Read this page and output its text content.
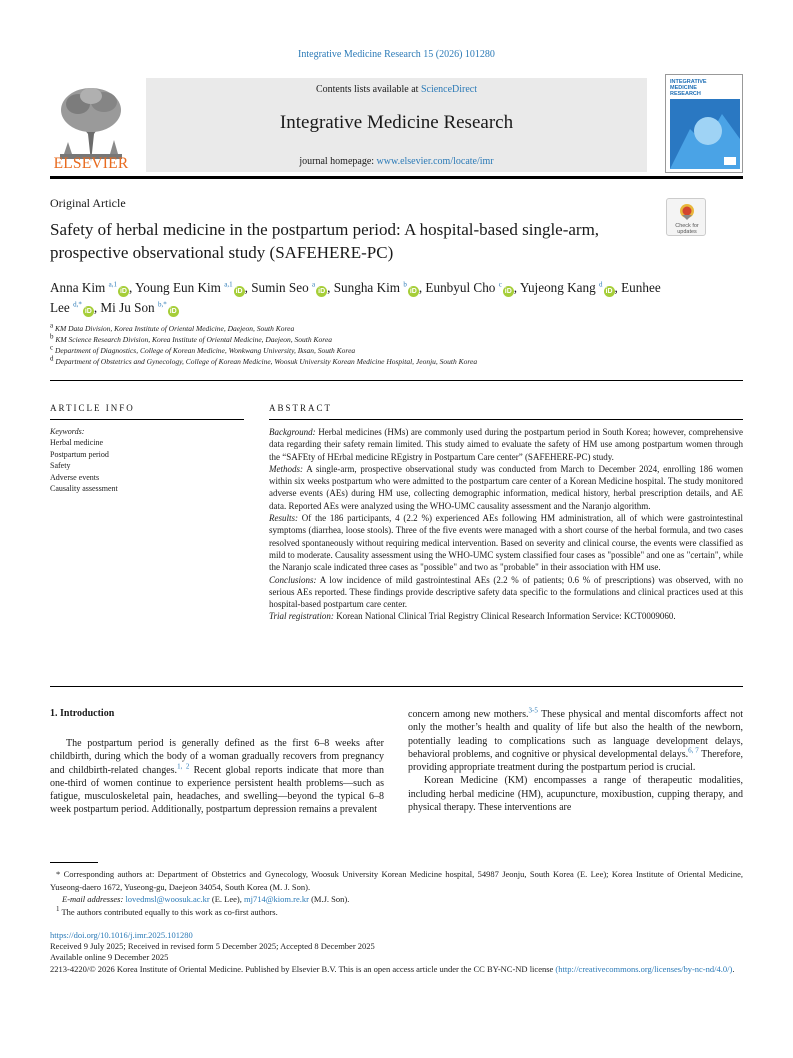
Integrative Medicine Research 15 (2026) 101280
ELSEVIER
Contents lists available at ScienceDirect
Integrative Medicine Research
journal homepage: www.elsevier.com/locate/imr
INTEGRATIVE
MEDICINE
RESEARCH
Original Article
Check for
updates
Safety of herbal medicine in the postpartum period: A hospital-based single-arm, prospective observational study (SAFEHERE-PC)
Anna Kim $^{a,1}$iD , Young Eun Kim $^{a,1}$iD , Sumin Seo $^a$iD , Sungha Kim $^b$iD , Eunbyul Cho $^c$iD , Yujeong Kang $^d$iD , Eunhee Lee $^{d,*}$iD , Mi Ju Son $^{b,*}$iD
a KM Data Division, Korea Institute of Oriental Medicine, Daejeon, South Korea
b KM Science Research Division, Korea Institute of Oriental Medicine, Daejeon, South Korea
c Department of Diagnostics, College of Korean Medicine, Wonkwang University, Iksan, South Korea
d Department of Obstetrics and Gynecology, College of Korean Medicine, Woosuk University Korean Medicine Hospital, Jeonju, South Korea
ARTICLE INFO	ABSTRACT
Keywords:
Herbal medicine
Postpartum period
Safety
Adverse events
Causality assessment

Background: Herbal medicines (HMs) are commonly used during the postpartum period in South Korea; however, comprehensive data regarding their safety remain limited. This study aimed to evaluate the safety of HM use among postpartum women through the “SAFEty of HErbal medicine REgistry in Postpartum Care center” (SAFEHERE-PC) study.

Methods: A single-arm, prospective observational study was conducted from March to December 2024, enrolling 186 women within six weeks postpartum who were admitted to the postpartum care center of a Korean Medicine hospital. The study monitored adverse events (AEs) during HM use, collecting demographic information, medical history, herbal prescription details, and AE data. Reported AEs were analyzed using the WHO-UMC causality assessment and the Naranjo algorithm.

Results: Of the 186 participants, 4 (2.2 %) experienced AEs following HM administration, all of which were gastrointestinal symptoms (diarrhea, loose stools). Three of the five events were managed with a short course of the herbal formula, and two cases resolved spontaneously without requiring medical intervention. Based on severity and clinical course, the events were classified as mild to moderate. Causality assessment using the WHO-UMC system classified four cases as "possible" and one as "certain", while the Naranjo scale indicated three cases as "possible" and two as "probable" in their association with HM use.

Conclusions: A low incidence of mild gastrointestinal AEs (2.2 % of patients; 0.6 % of prescriptions) was observed, with no serious AEs reported. These findings provide descriptive safety data specific to the formulations and clinical practices used at this hospital-based postpartum care center.

Trial registration: Korean National Clinical Trial Registry Clinical Research Information Service: KCT0009060.

1. Introduction
The postpartum period is generally defined as the first 6–8 weeks after childbirth, during which the body of a woman gradually recovers from pregnancy and childbirth-related changes.$^{1, 2}$ Recent global reports indicate that more than one-third of women continue to experience persistent health problems—such as fatigue, musculoskeletal pain, headaches, and swelling—beyond the typical 6–8 week postpartum period. Additionally, postpartum depression remains a prevalent

concern among new mothers.$^{3-5}$ These physical and mental discomforts affect not only the mother’s health and quality of life but also the health of the newborn, potentially leading to complications such as language development delays, behavioral problems, and cognitive or physical developmental delays.$^{6, 7}$ Therefore, providing appropriate treatment during the postpartum period is crucial.

Korean Medicine (KM) encompasses a range of therapeutic modalities, including herbal medicine (HM), acupuncture, moxibustion, cupping therapy, and physical therapy. These interventions are

* Corresponding authors at: Department of Obstetrics and Gynecology, Woosuk University Korean Medicine hospital, 54987 Jeonju, South Korea (E. Lee); Korea Institute of Oriental Medicine, Yuseong-daero 1672, Yuseong-gu, Daejeon 34054, South Korea (M. J. Son).
E-mail addresses: lovedmsl@woosuk.ac.kr (E. Lee), mj714@kiom.re.kr (M.J. Son).
$^1$ The authors contributed equally to this work as co-first authors.
https://doi.org/10.1016/j.imr.2025.101280
Received 9 July 2025; Received in revised form 5 December 2025; Accepted 8 December 2025
Available online 9 December 2025
2213-4220/© 2026 Korea Institute of Oriental Medicine. Published by Elsevier B.V. This is an open access article under the CC BY-NC-ND license (http://creativecommons.org/licenses/by-nc-nd/4.0/).
